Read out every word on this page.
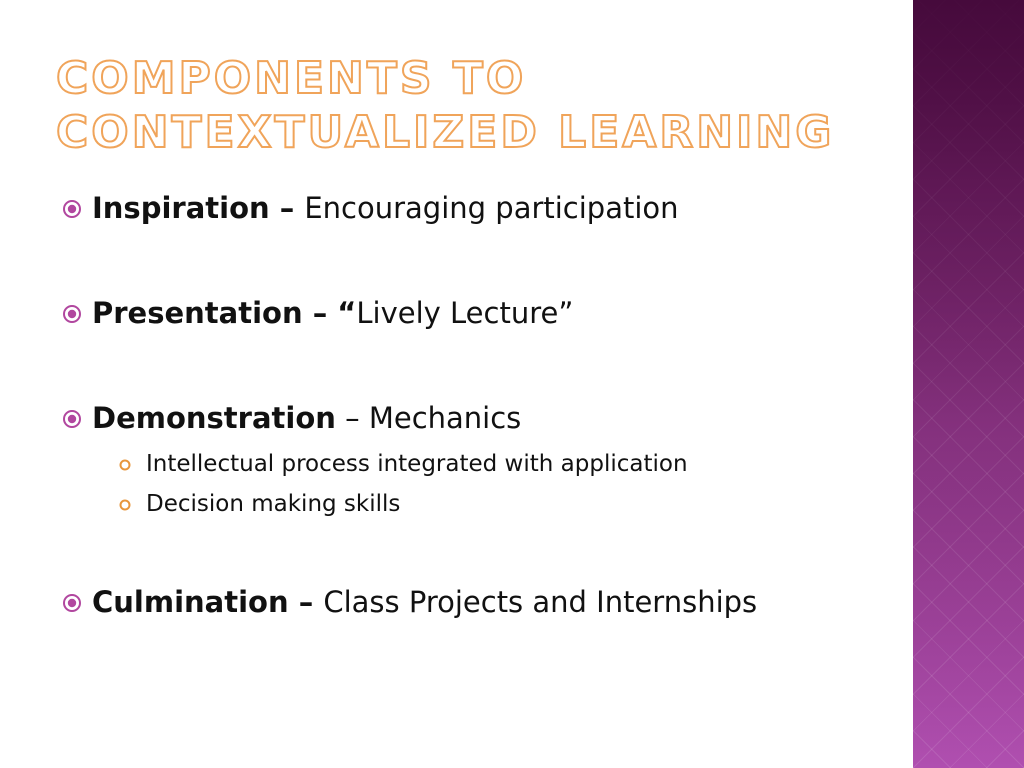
COMPONENTS TO CONTEXTUALIZED LEARNING
Inspiration – Encouraging participation
Presentation – “Lively Lecture”
Demonstration – Mechanics
Intellectual process integrated with application
Decision making skills
Culmination – Class Projects and Internships
